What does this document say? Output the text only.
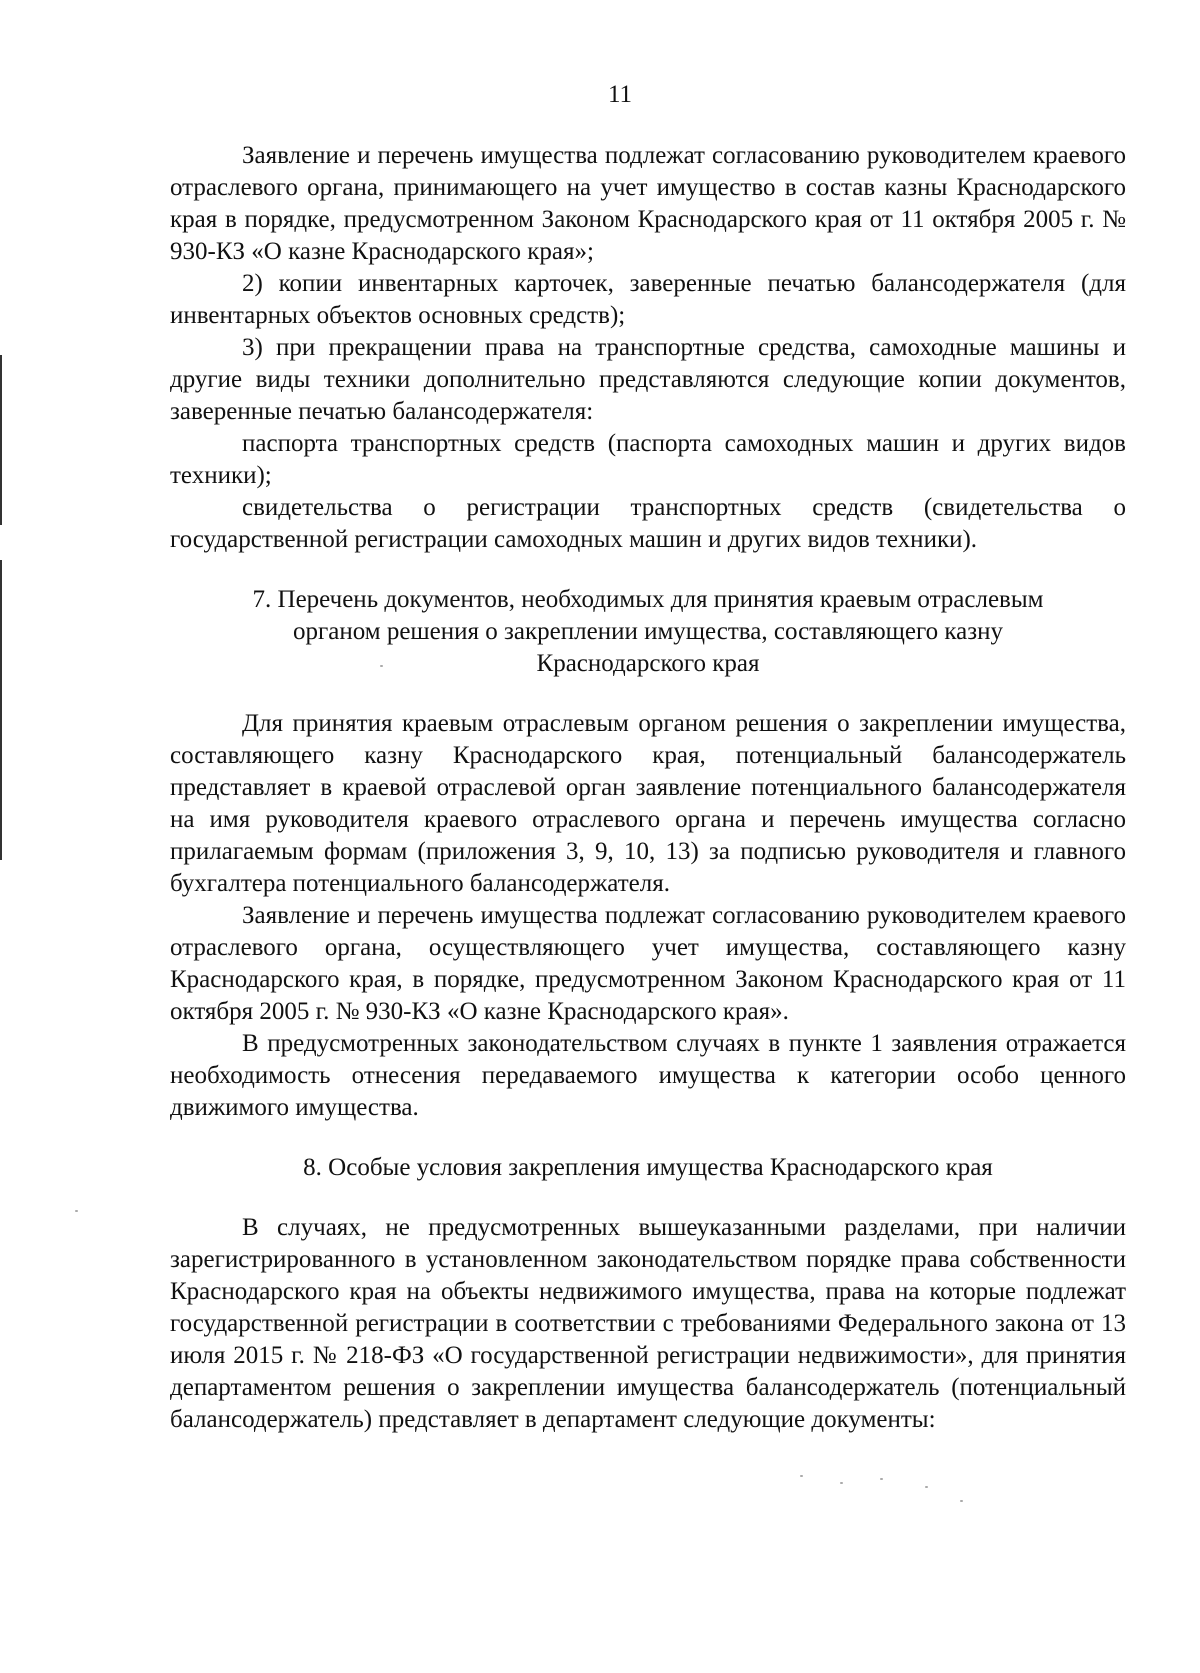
11

Заявление и перечень имущества подлежат согласованию руководителем краевого отраслевого органа, принимающего на учет имущество в состав казны Краснодарского края в порядке, предусмотренном Законом Краснодарского края от 11 октября 2005 г. № 930-КЗ «О казне Краснодарского края»;

2) копии инвентарных карточек, заверенные печатью балансодержателя (для инвентарных объектов основных средств);

3) при прекращении права на транспортные средства, самоходные машины и другие виды техники дополнительно представляются следующие копии документов, заверенные печатью балансодержателя:

паспорта транспортных средств (паспорта самоходных машин и других видов техники);

свидетельства о регистрации транспортных средств (свидетельства о государственной регистрации самоходных машин и других видов техники).

7. Перечень документов, необходимых для принятия краевым отраслевым

органом решения о закреплении имущества, составляющего казну

Краснодарского края

Для принятия краевым отраслевым органом решения о закреплении имущества, составляющего казну Краснодарского края, потенциальный балансодержатель представляет в краевой отраслевой орган заявление потенциального балансодержателя на имя руководителя краевого отраслевого органа и перечень имущества согласно прилагаемым формам (приложения 3, 9, 10, 13) за подписью руководителя и главного бухгалтера потенциального балансодержателя.

Заявление и перечень имущества подлежат согласованию руководителем краевого отраслевого органа, осуществляющего учет имущества, составляющего казну Краснодарского края, в порядке, предусмотренном Законом Краснодарского края от 11 октября 2005 г. № 930-КЗ «О казне Краснодарского края».

В предусмотренных законодательством случаях в пункте 1 заявления отражается необходимость отнесения передаваемого имущества к категории особо ценного движимого имущества.

8. Особые условия закрепления имущества Краснодарского края

В случаях, не предусмотренных вышеуказанными разделами, при наличии зарегистрированного в установленном законодательством порядке права собственности Краснодарского края на объекты недвижимого имущества, права на которые подлежат государственной регистрации в соответствии с требованиями Федерального закона от 13 июля 2015 г. № 218-ФЗ «О государственной регистрации недвижимости», для принятия департаментом решения о закреплении имущества балансодержатель (потенциальный балансодержатель) представляет в департамент следующие документы:
